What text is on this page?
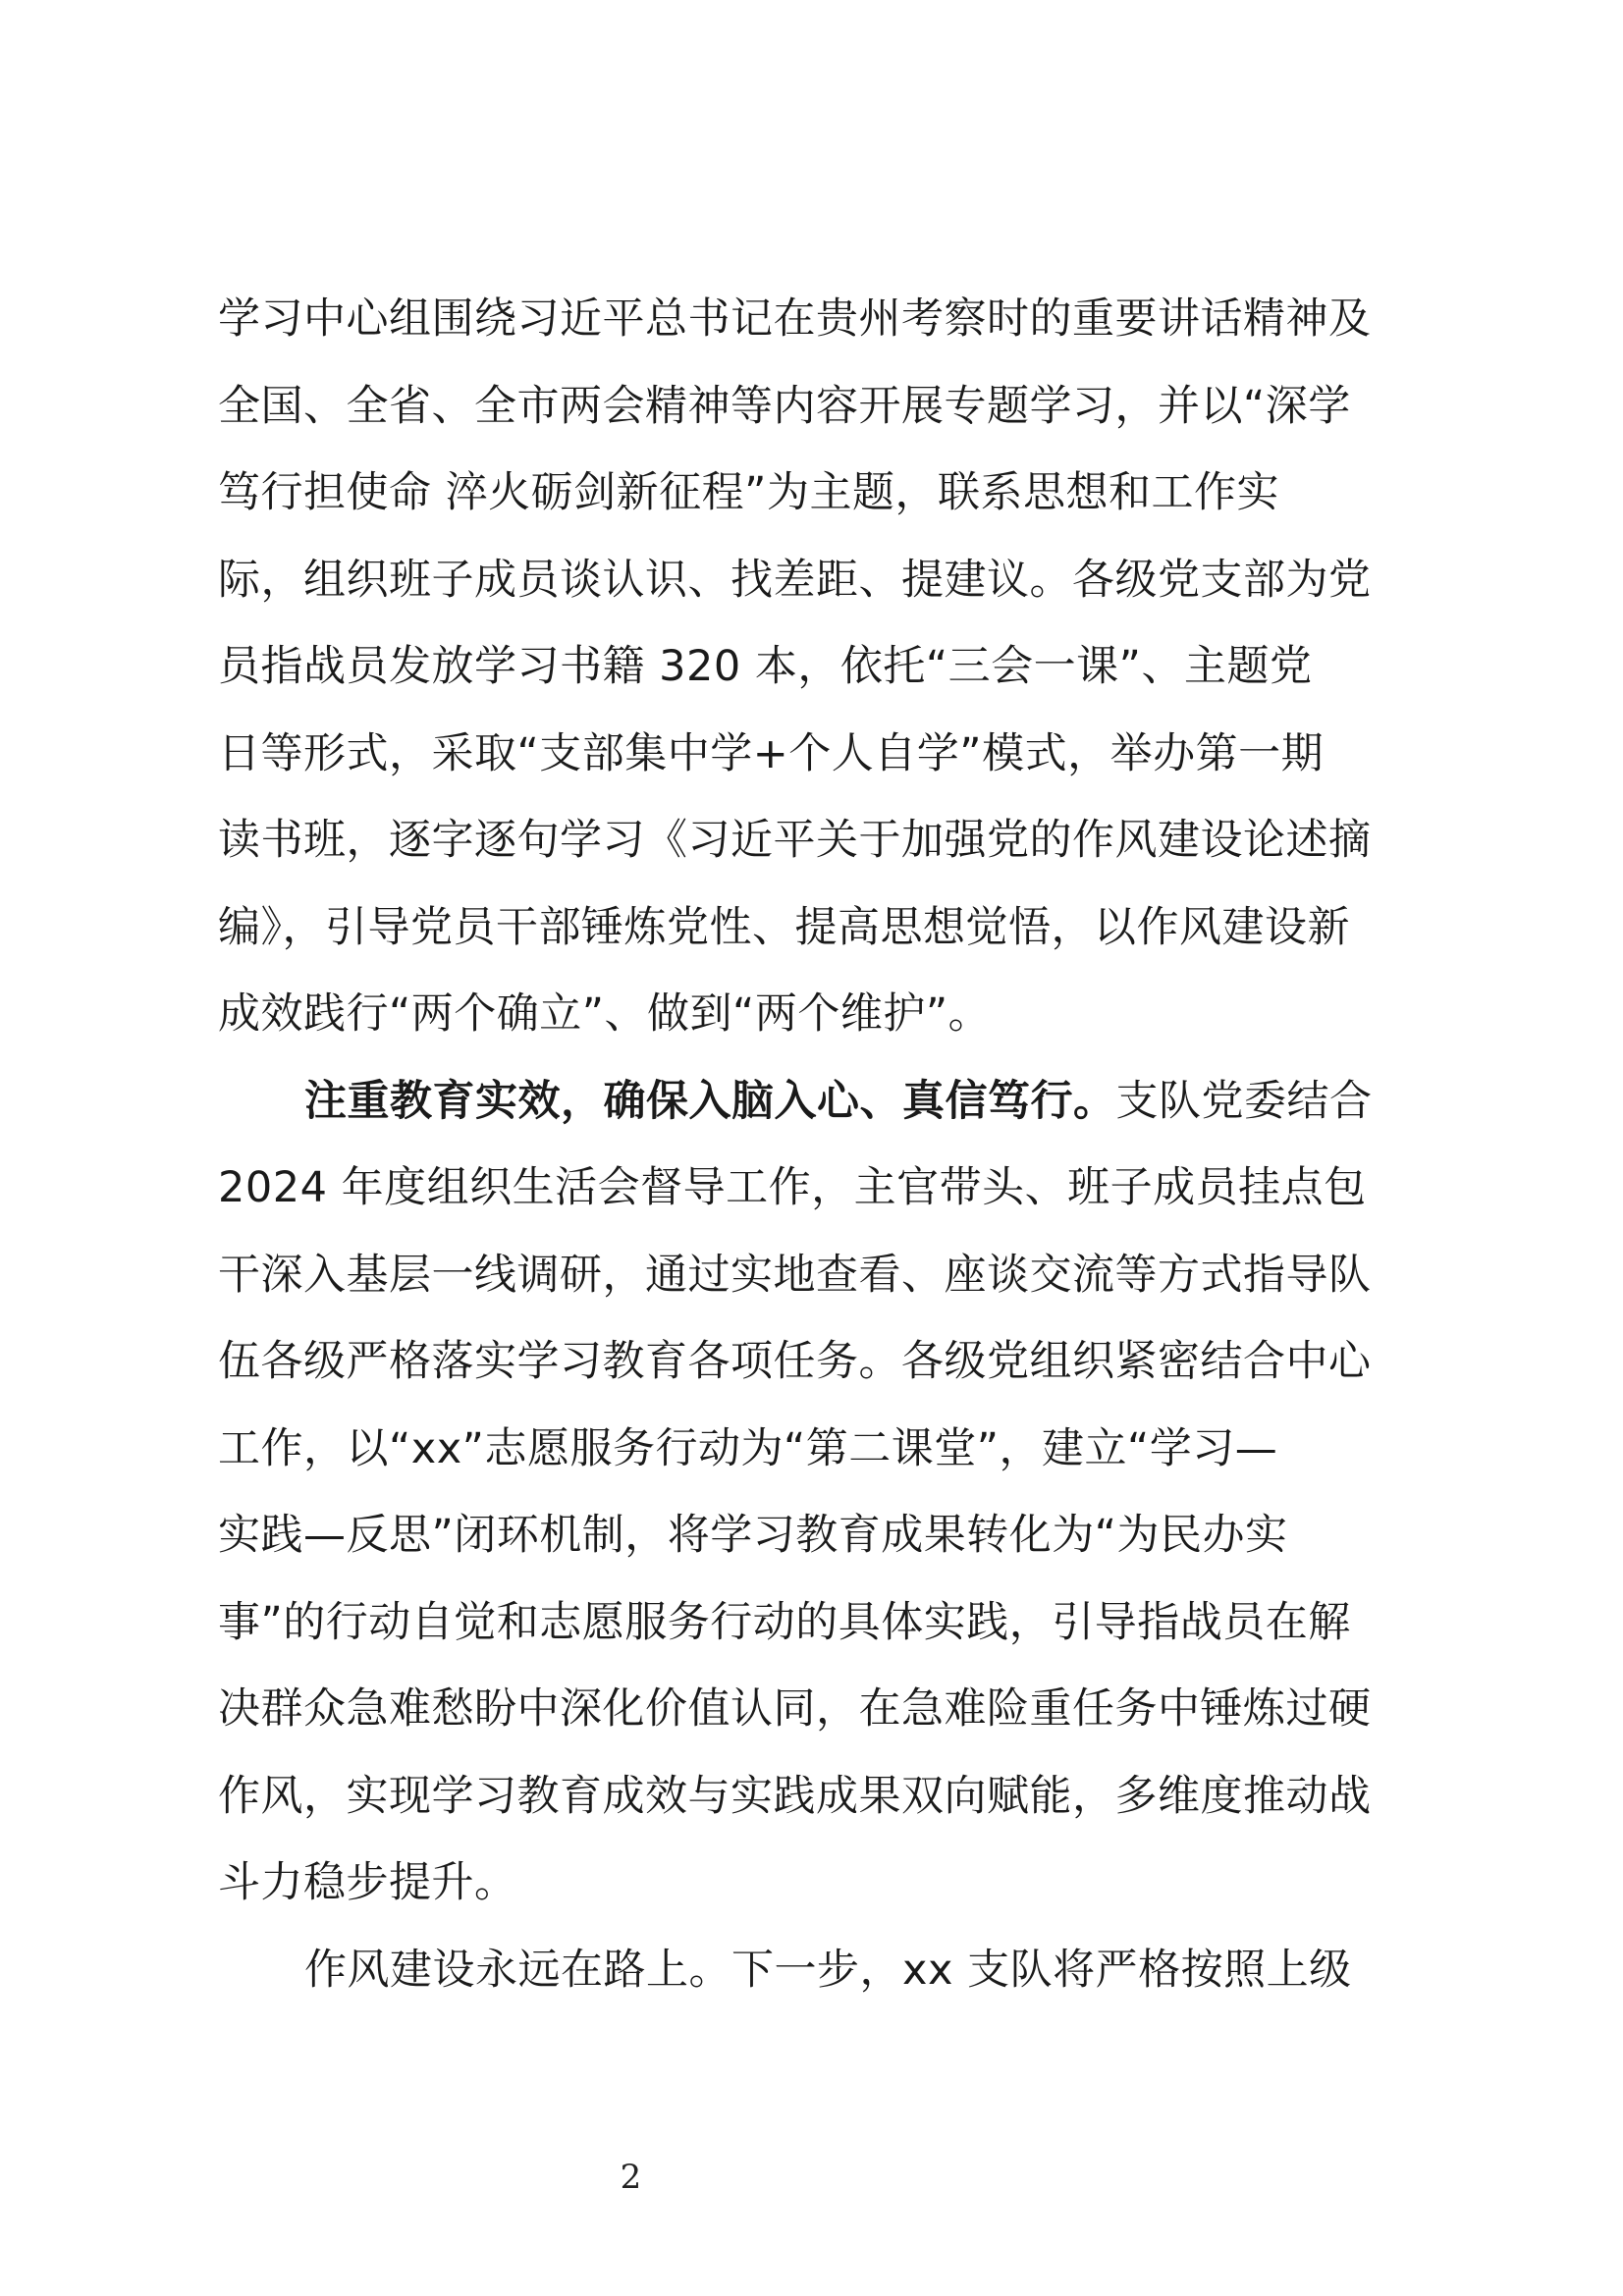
学习中心组围绕习近平总书记在贵州考察时的重要讲话精神及
全国、全省、全市两会精神等内容开展专题学习，并以“深学
笃行担使命 淬火砺剑新征程”为主题，联系思想和工作实
际，组织班子成员谈认识、找差距、提建议。各级党支部为党
员指战员发放学习书籍 320 本，依托“三会一课”、主题党
日等形式，采取“支部集中学+个人自学”模式，举办第一期
读书班，逐字逐句学习《习近平关于加强党的作风建设论述摘
编》，引导党员干部锤炼党性、提高思想觉悟，以作风建设新
成效践行“两个确立”、做到“两个维护”。
注重教育实效，确保入脑入心、真信笃行。支队党委结合
2024 年度组织生活会督导工作，主官带头、班子成员挂点包
干深入基层一线调研，通过实地查看、座谈交流等方式指导队
伍各级严格落实学习教育各项任务。各级党组织紧密结合中心
工作，以“xx”志愿服务行动为“第二课堂”，建立“学习—
实践—反思”闭环机制，将学习教育成果转化为“为民办实
事”的行动自觉和志愿服务行动的具体实践，引导指战员在解
决群众急难愁盼中深化价值认同，在急难险重任务中锤炼过硬
作风，实现学习教育成效与实践成果双向赋能，多维度推动战
斗力稳步提升。
作风建设永远在路上。下一步，xx 支队将严格按照上级
2
